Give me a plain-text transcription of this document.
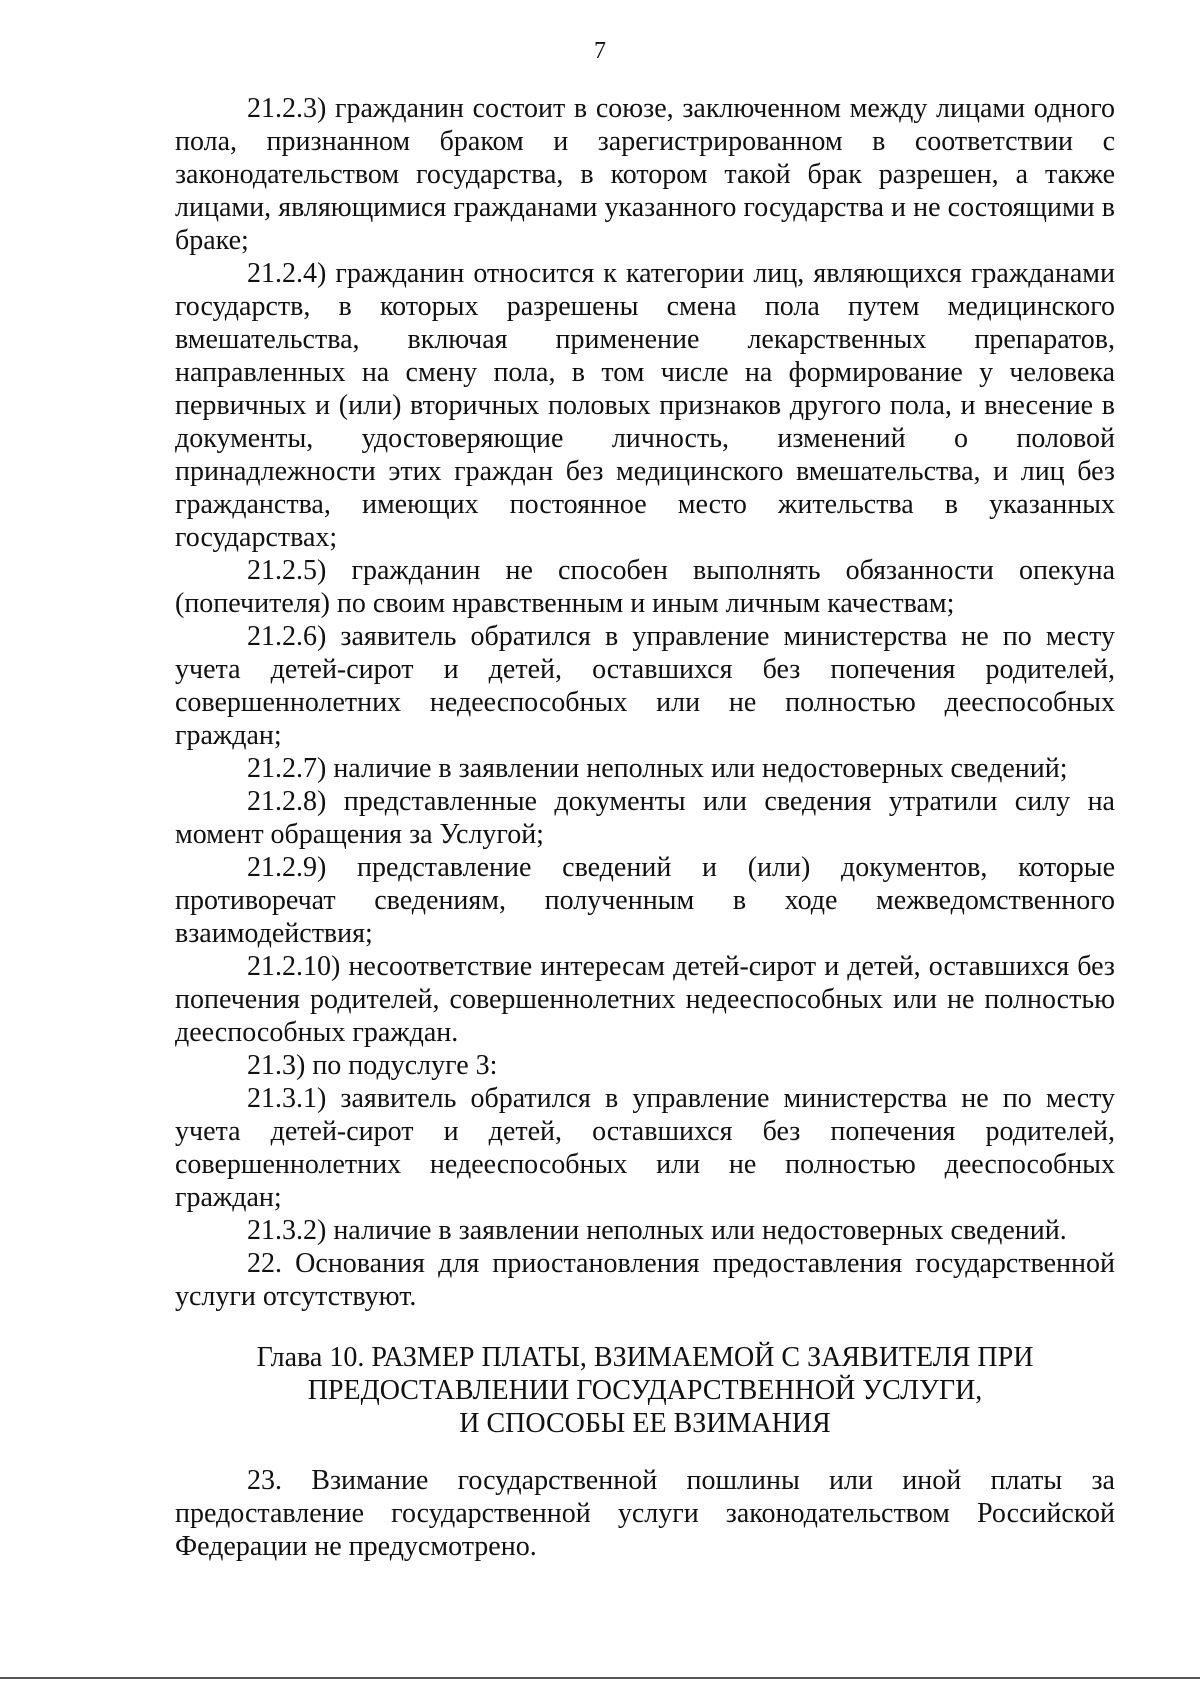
7

21.2.3) гражданин состоит в союзе, заключенном между лицами одного пола, признанном браком и зарегистрированном в соответствии с законодательством государства, в котором такой брак разрешен, а также лицами, являющимися гражданами указанного государства и не состоящими в браке;

21.2.4) гражданин относится к категории лиц, являющихся гражданами государств, в которых разрешены смена пола путем медицинского вмешательства, включая применение лекарственных препаратов, направленных на смену пола, в том числе на формирование у человека первичных и (или) вторичных половых признаков другого пола, и внесение в документы, удостоверяющие личность, изменений о половой принадлежности этих граждан без медицинского вмешательства, и лиц без гражданства, имеющих постоянное место жительства в указанных государствах;

21.2.5) гражданин не способен выполнять обязанности опекуна (попечителя) по своим нравственным и иным личным качествам;

21.2.6) заявитель обратился в управление министерства не по месту учета детей-сирот и детей, оставшихся без попечения родителей, совершеннолетних недееспособных или не полностью дееспособных граждан;

21.2.7) наличие в заявлении неполных или недостоверных сведений;

21.2.8) представленные документы или сведения утратили силу на момент обращения за Услугой;

21.2.9) представление сведений и (или) документов, которые противоречат сведениям, полученным в ходе межведомственного взаимодействия;

21.2.10) несоответствие интересам детей-сирот и детей, оставшихся без попечения родителей, совершеннолетних недееспособных или не полностью дееспособных граждан.

21.3) по подуслуге 3:

21.3.1) заявитель обратился в управление министерства не по месту учета детей-сирот и детей, оставшихся без попечения родителей, совершеннолетних недееспособных или не полностью дееспособных граждан;

21.3.2) наличие в заявлении неполных или недостоверных сведений.

22. Основания для приостановления предоставления государственной услуги отсутствуют.

Глава 10. РАЗМЕР ПЛАТЫ, ВЗИМАЕМОЙ С ЗАЯВИТЕЛЯ ПРИ
ПРЕДОСТАВЛЕНИИ ГОСУДАРСТВЕННОЙ УСЛУГИ,
И СПОСОБЫ ЕЕ ВЗИМАНИЯ

23. Взимание государственной пошлины или иной платы за предоставление государственной услуги законодательством Российской Федерации не предусмотрено.
